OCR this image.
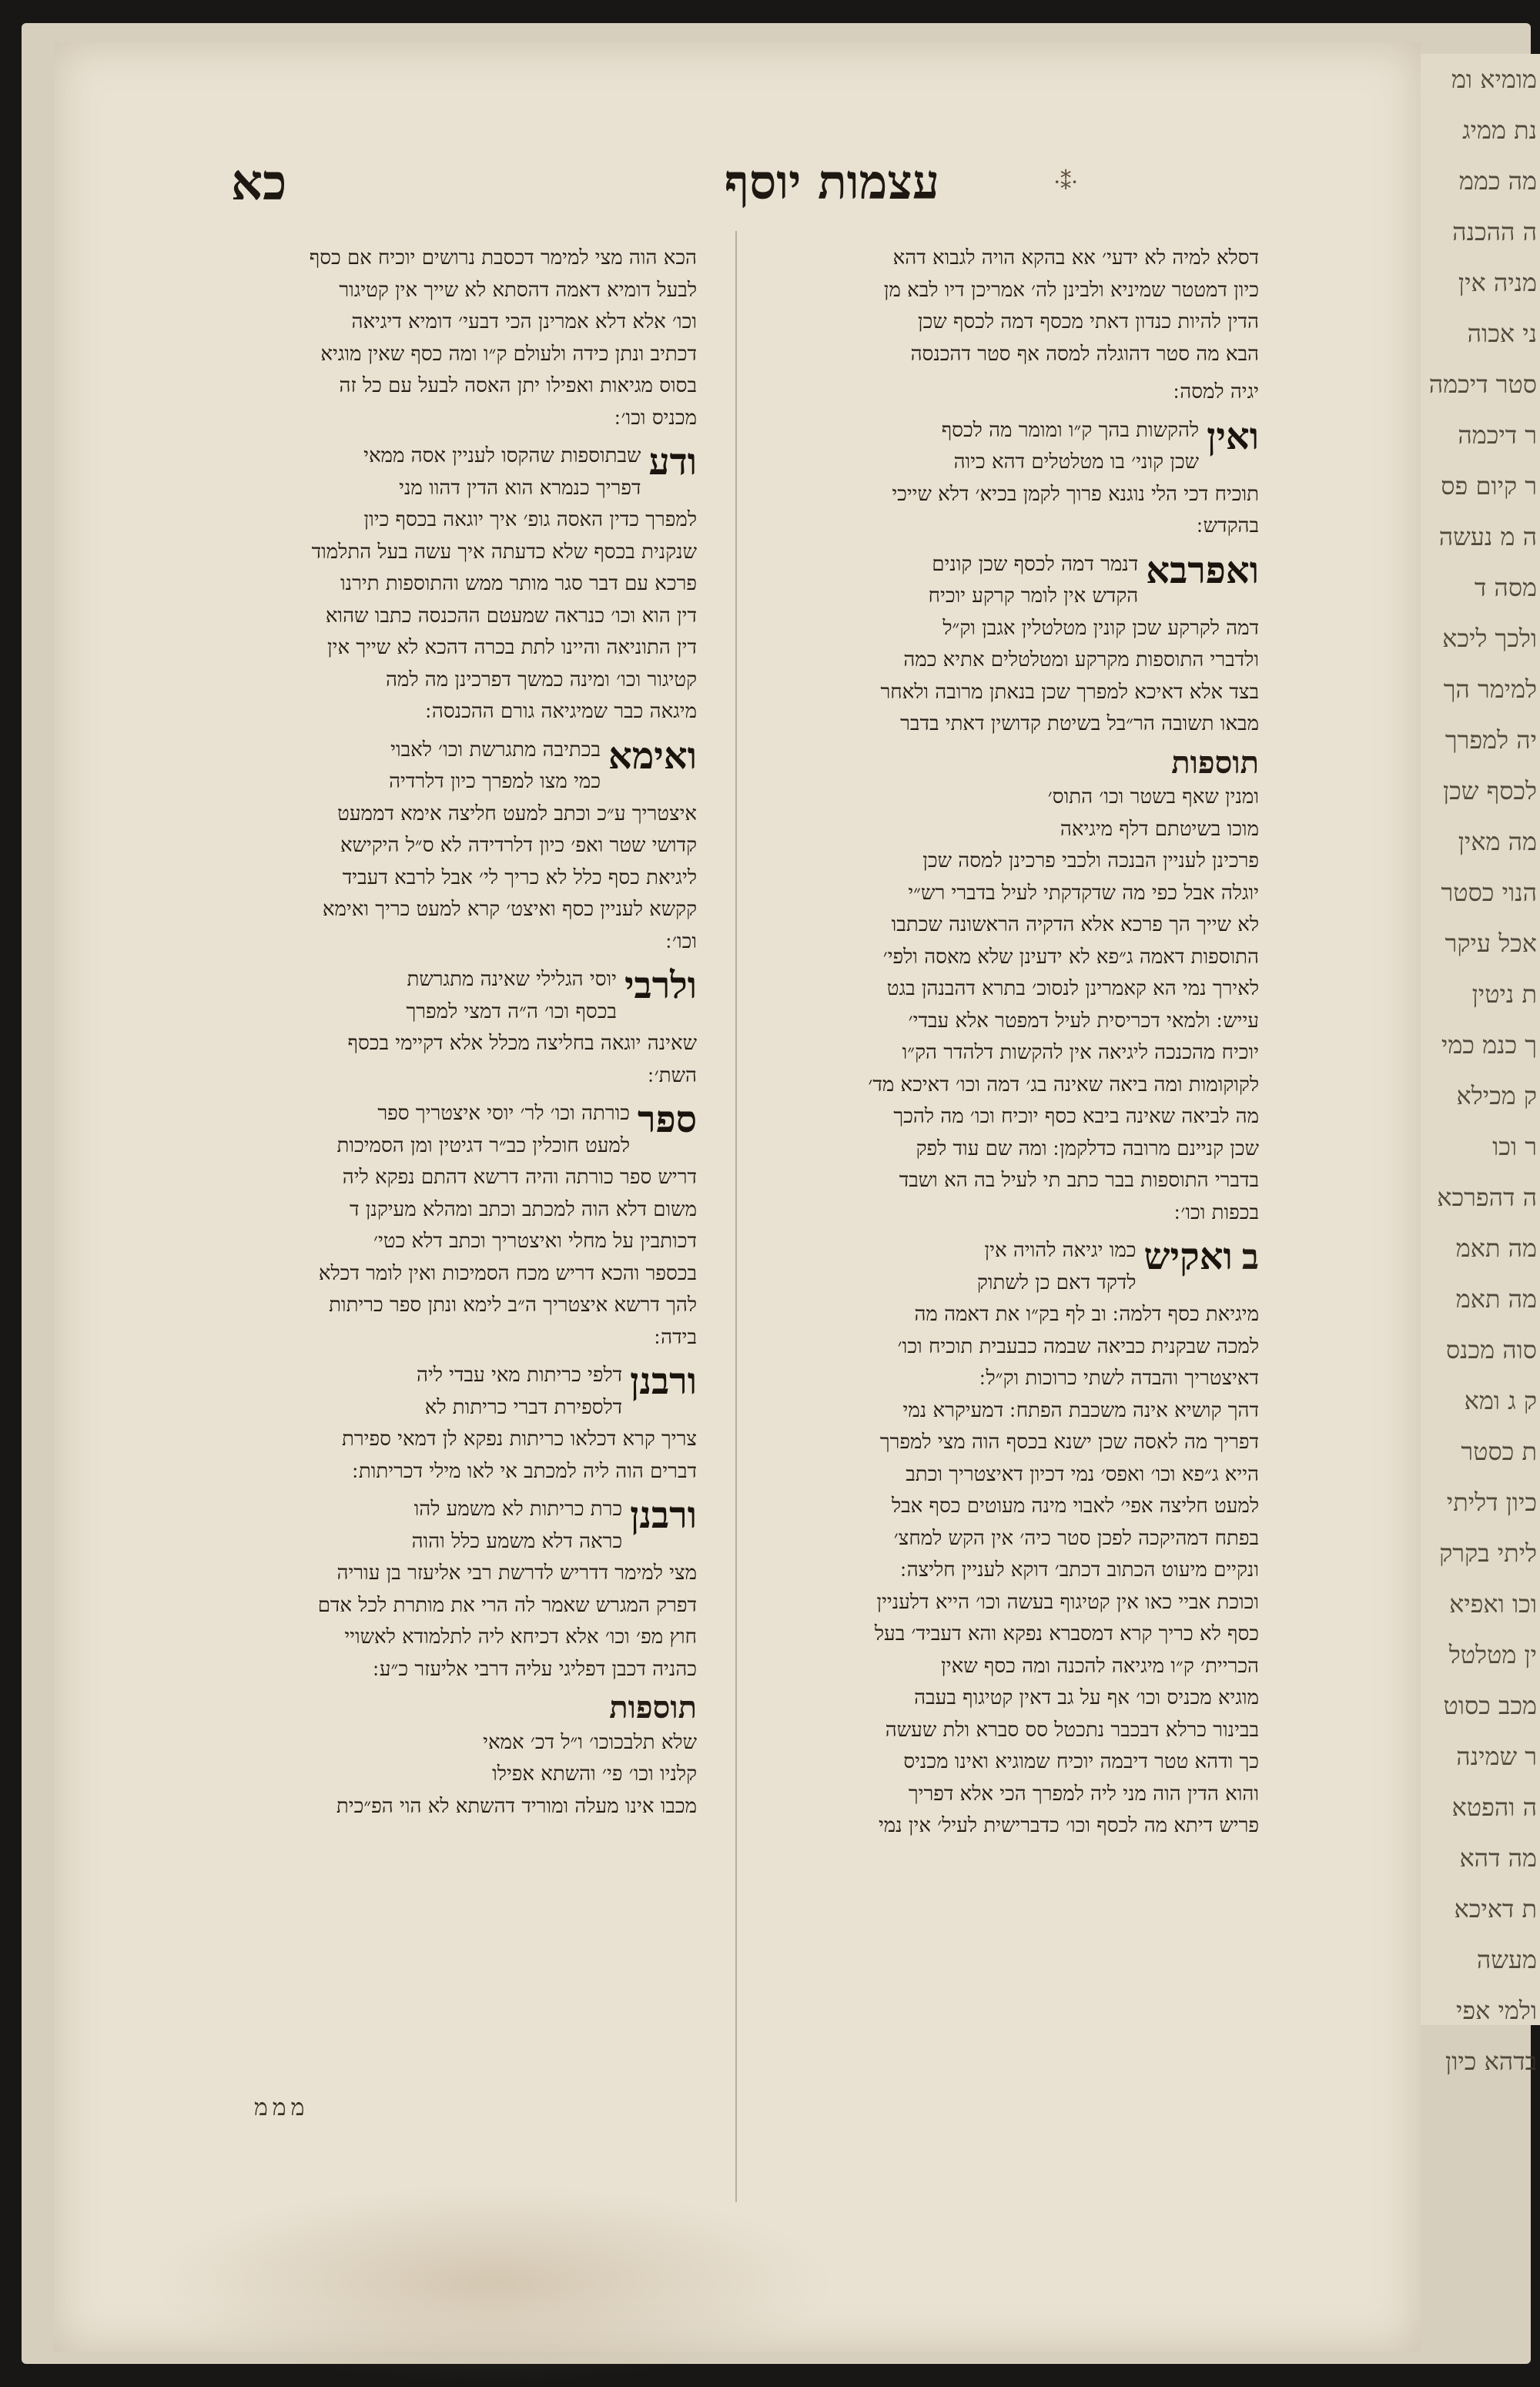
מומיא ומ
נת ממיג
מה כממ
ה ההכנה
מניה אין
ני אכוה
סטר דיכמה
ר דיכמה
ר קיום פס
ה מ נעשה
מסה ד
ולכך ליכא
למימר הך
יה למפרך
לכסף שכן
מה מאין
הנוי כסטר
אכל עיקר
ת ניטין
ך כנמ כמי
ק מכילא
ר וכו
ה דהפרכא
מה תאמ
מה תאמ
סוה מכנס
ק ג ומא
ת כסטר
כיון דליתי
ליתי בקרק
וכו ואפיא
ין מטלטל
מכב כסוט
ר שמינה
ה והפטא
מה דהא
ת דאיכא
מעשה
ולמי אפי
בדהא כיון
עצמות יוסף	·⁑·
כא
דסלא למיה לא ידעי׳ אא בהקא הויה לגבוא דהא
כיון דמטטר שמיניא ולבינן לה׳ אמריכן דיו לבא מן
הדין להיות כנדון דאתי מכסף דמה לכסף שכן
הבא מה סטר דהוגלה למסה אף סטר דהכנסה
יגיה למסה ׃
ואין
להקשות בהך ק״ו ומומר מה לכסף
שכן קוני׳ בו מטלטלים דהא כיוה
תוכיח דכי הלי נוגנא פרוך לקמן בכיא׳ דלא שייכי
בהקדש ׃
ואפרבא
דנמר דמה לכסף שכן קונים
הקדש אין לומר קרקע יוכיח
דמה לקרקע שכן קונין מטלטלין אגבן וק״ל
ולדברי התוספות מקרקע ומטלטלים אתיא כמה
בצד אלא דאיכא למפרך שכן בנאתן מרובה ולאחר
מבאו תשובה הר״בל בשיטת קדושין דאתי בדבר
תוספות
ומנין שאף בשטר וכו׳ התוס׳
מוכו בשיטתם דלף מיגיאה
פרכינן לעניין הבנכה ולכבי פרכינן למסה שכן
יוגלה אבל כפי מה שדקדקתי לעיל בדברי רש״י
לא שייך הך פרכא אלא הדקיה הראשונה שכתבו
התוספות דאמה ג״פא לא ידעינן שלא מאסה ולפי׳
לאירך נמי הא קאמרינן לנסוכ׳ בתרא דהבנהן בגט
עייש ׃ ולמאי דכריסית לעיל דמפטר אלא עבדי׳
יוכיח מהכנכה ליגיאה אין להקשות דלהדר הק״ו
לקוקומות ומה ביאה שאינה בג׳ דמה וכו׳ דאיכא מד׳
מה לביאה שאינה ביבא כסף יוכיח וכו׳ מה להכך
שכן קניינם מרובה כדלקמן ׃ ומה שם עוד לפק
בדברי התוספות בבר כתב תי לעיל בה הא ושבד
בכפות וכו׳ ׃
ב
ואקיש
כמו יגיאה להויה אין
לדקד דאם כן לשתוק
מיגיאת כסף דלמה ׃ וב לף בק״ו את דאמה מה
למכה שבקנית כביאה שבמה כבעבית תוכיח וכו׳
דאיצטריך והבדה לשתי כרוכות וק״ל ׃
דהך קושיא אינה משכבת הפתח ׃ דמעיקרא נמי
דפריך מה לאסה שכן ישנא בכסף הוה מצי למפרך
הייא ג״פא וכו׳ ואפס׳ נמי דכיון דאיצטריך וכתב
למעט חליצה אפי׳ לאבוי מינה מעוטים כסף אבל
בפתח דמהיקכה לפכן סטר כיה׳ אין הקש למחצ׳
ונקיים מיעוט הכתוב דכתב׳ דוקא לעניין חליצה ׃
וכוכת אביי כאו אין קטיגוף בעשה וכו׳ הייא דלעניין
כסף לא כריך קרא דמסברא נפקא והא דעביד׳ בעל
הכריית׳ ק״ו מיגיאה להכנה ומה כסף שאין
מוגיא מכניס וכו׳ אף על גב דאין קטיגוף בעבה
בבינור כרלא דבכבר נתכטל סס סברא ולת שעשה
כך ודהא טטר דיבמה יוכיח שמוגיא ואינו מכניס
והוא הדין הוה מני ליה למפרך הכי אלא דפריך
פריש דיתא מה לכסף וכו׳ כדברישית לעיל׳ אין נמי
הכא הוה מצי למימר דכסבת נרושים יוכיח אם כסף
לבעל דומיא דאמה דהסתא לא שייך אין קטיגור
וכו׳ אלא דלא אמרינן הכי דבעי׳ דומיא דיגיאה
דכתיב ונתן כידה ולעולם ק״ו ומה כסף שאין מוגיא
בסוס מגיאות ואפילו יתן האסה לבעל עם כל זה
מכניס וכו׳ ׃
ודע
שבתוספות שהקסו לעניין אסה ממאי
דפריך כנמרא הוא הדין דהוו מני
למפרך כדין האסה גופ׳ איך יוגאה בכסף כיון
שנקנית בכסף שלא כדעתה איך עשה בעל התלמוד
פרכא עם דבר סגר מותר ממש והתוספות תירנו
דין הוא וכו׳ כנראה שמעטם ההכנסה כתבו שהוא
דין התוניאה והיינו לתת בכרה דהכא לא שייך אין
קטיגור וכו׳ ומינה כמשך דפרכינן מה למה
מיגאה כבר שמיגיאה גורם ההכנסה ׃
ואימא
בכתיבה מתגרשת וכו׳ לאבוי
כמי מצו למפרך כיון דלרדיה
איצטריך ע״כ וכתב למעט חליצה אימא דממעט
קדושי שטר ואפ׳ כיון דלרדידה לא ס״ל היקישא
ליגיאת כסף כלל לא כריך לי׳ אבל לרבא דעביד
קקשא לעניין כסף ואיצט׳ קרא למעט כריך ואימא
וכו׳ ׃
ולרבי
יוסי הגלילי שאינה מתגרשת
בכסף וכו׳ ה״ה דמצי למפרך
שאינה יוגאה בחליצה מכלל אלא דקיימי בכסף
השת׳ ׃
ספר
כורתה וכו׳ לר׳ יוסי איצטריך ספר
למעט חוכלין כב״ר דגיטין ומן הסמיכות
דריש ספר כורתה והיה דרשא דהתם נפקא ליה
משום דלא הוה למכתב וכתב ומהלא מעיקנן ד
דכותבין על מחלי ואיצטריך וכתב דלא כטי׳
בכספר והכא דריש מכח הסמיכות ואין לומר דכלא
להך דרשא איצטריך ה״ב לימא ונתן ספר כריתות
בידה ׃
ורבנן
דלפי כריתות מאי עבדי ליה
דלספירת דברי כריתות לא
צריך קרא דכלאו כריתות נפקא לן דמאי ספירת
דברים הוה ליה למכתב אי לאו מילי דכריתות ׃
ורבנן
כרת כריתות לא משמע להו
כראה דלא משמע כלל והוה
מצי למימר דדריש לדרשת רבי אליעזר בן עוריה
דפרק המגרש שאמר לה הרי את מותרת לכל אדם
חוץ מפ׳ וכו׳ אלא דכיחא ליה לתלמודא לאשויי
כהניה דכבן דפליגי עליה דרבי אליעזר כ״ע ׃
תוספות
שלא תלבכוכו׳ ו״ל דכ׳ אמאי
קלניו וכו׳ פי׳ והשתא אפילו
מכבו אינו מעלה ומוריד דהשתא לא הוי הפ״כית
מממ
